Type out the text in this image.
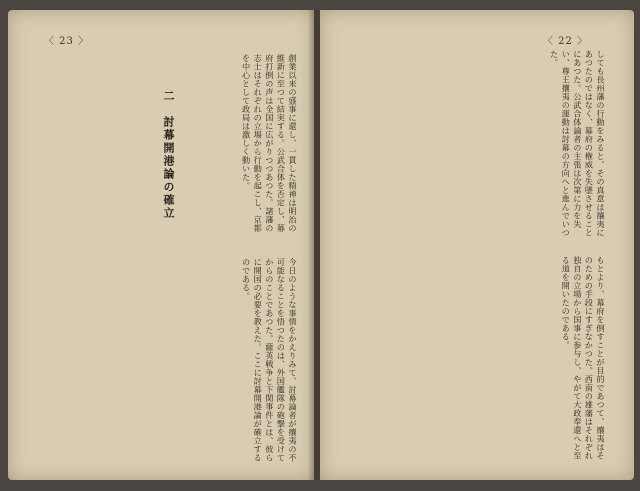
〈 23 〉
創業以来の盛事に還し、一貫した精神は明治の維新に至つて結実する。公武合体を否定し、幕府打倒の声は全国に広がりつつあつた。諸藩の志士はそれぞれの立場から行動を起こし、京都を中心として政局は激しく動いた。
二　討幕開港論の確立
今日のような事情をかえりみて、討幕論者が攘夷の不可能なることを悟つたのは、外国艦隊の砲撃を受けてからのことであつた。薩英戦争と下関事件とは、彼らに開国の必要を教えた。ここに討幕開港論が確立するのである。
〈 22 〉
しても長州藩の行動をみると、その真意は攘夷にあつたのではなく、幕府の権威を失墜させることにあつた。公武合体論者の主張は次第に力を失い、尊王攘夷の運動は討幕の方向へと進んでいつた。
もとより、幕府を倒すことが目的であつて、攘夷はそのための手段にすぎなかつた。西南の雄藩はそれぞれ独自の立場から国事に参与し、やがて大政奉還へと至る道を開いたのである。
